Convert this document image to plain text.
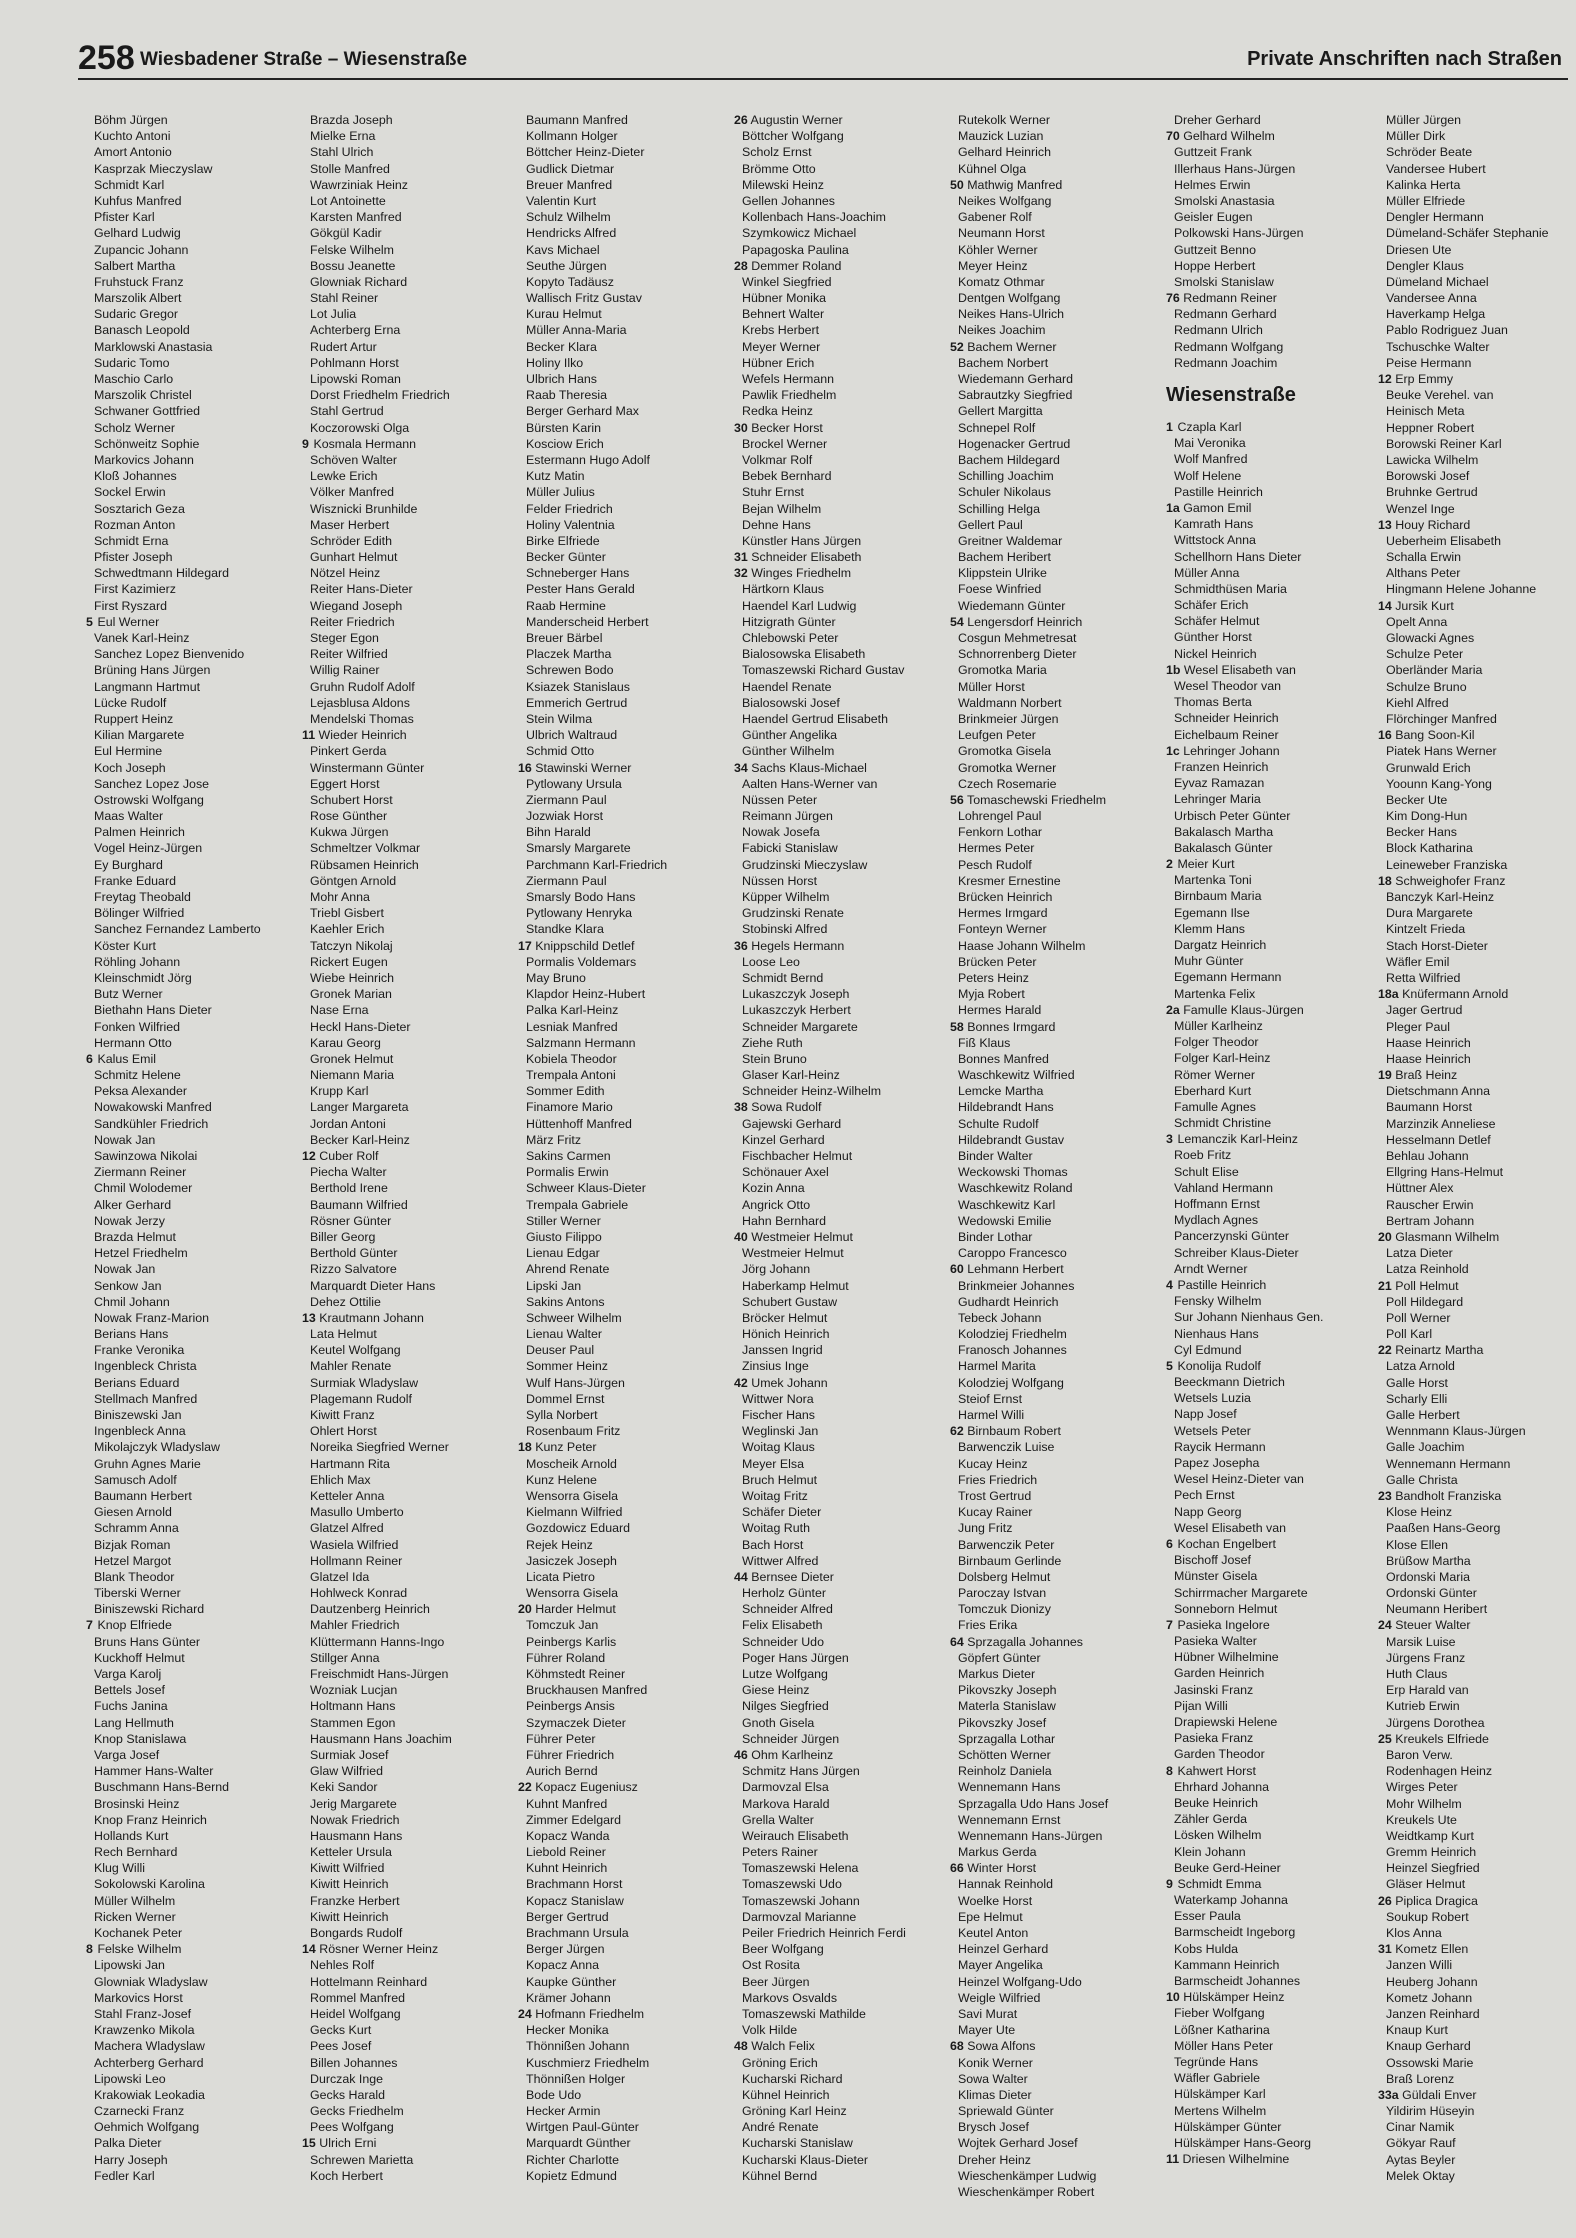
258 Wiesbadener Straße – Wiesenstraße	Private Anschriften nach Straßen
Böhm Jürgen
Kuchto Antoni
Amort Antonio
Kasprzak Mieczyslaw
Schmidt Karl
Kuhfus Manfred
Pfister Karl
Gelhard Ludwig
Zupancic Johann
Salbert Martha
Fruhstuck Franz
Marszolik Albert
Sudaric Gregor
Banasch Leopold
Marklowski Anastasia
Sudaric Tomo
Maschio Carlo
Marszolik Christel
Schwaner Gottfried
Scholz Werner
Schönweitz Sophie
Markovics Johann
Kloß Johannes
Sockel Erwin
Sosztarich Geza
Rozman Anton
Schmidt Erna
Pfister Joseph
Schwedtmann Hildegard
First Kazimierz
First Ryszard
5 Eul Werner
Vanek Karl-Heinz
Sanchez Lopez Bienvenido
Brüning Hans Jürgen
Langmann Hartmut
Lücke Rudolf
Ruppert Heinz
Kilian Margarete
Eul Hermine
Koch Joseph
Sanchez Lopez Jose
Ostrowski Wolfgang
Maas Walter
Palmen Heinrich
Vogel Heinz-Jürgen
Ey Burghard
Franke Eduard
Freytag Theobald
Bölinger Wilfried
Sanchez Fernandez Lamberto
Köster Kurt
Röhling Johann
Kleinschmidt Jörg
Butz Werner
Biethahn Hans Dieter
Fonken Wilfried
Hermann Otto
6 Kalus Emil
Schmitz Helene
Peksa Alexander
Nowakowski Manfred
Sandkühler Friedrich
Nowak Jan
Sawinzowa Nikolai
Ziermann Reiner
Chmil Wolodemer
Alker Gerhard
Nowak Jerzy
Brazda Helmut
Hetzel Friedhelm
Nowak Jan
Senkow Jan
Chmil Johann
Nowak Franz-Marion
Berians Hans
Franke Veronika
Ingenbleck Christa
Berians Eduard
Stellmach Manfred
Biniszewski Jan
Ingenbleck Anna
Mikolajczyk Wladyslaw
Gruhn Agnes Marie
Samusch Adolf
Baumann Herbert
Giesen Arnold
Schramm Anna
Bizjak Roman
Hetzel Margot
Blank Theodor
Tiberski Werner
Biniszewski Richard
7 Knop Elfriede
Bruns Hans Günter
Kuckhoff Helmut
Varga Karolj
Bettels Josef
Fuchs Janina
Lang Hellmuth
Knop Stanislawa
Varga Josef
Hammer Hans-Walter
Buschmann Hans-Bernd
Brosinski Heinz
Knop Franz Heinrich
Hollands Kurt
Rech Bernhard
Klug Willi
Sokolowski Karolina
Müller Wilhelm
Ricken Werner
Kochanek Peter
8 Felske Wilhelm
Lipowski Jan
Glowniak Wladyslaw
Markovics Horst
Stahl Franz-Josef
Krawzenko Mikola
Machera Wladyslaw
Achterberg Gerhard
Lipowski Leo
Krakowiak Leokadia
Czarnecki Franz
Oehmich Wolfgang
Palka Dieter
Harry Joseph
Fedler Karl
Brazda Joseph
Mielke Erna
Stahl Ulrich
Stolle Manfred
Wawrziniak Heinz
Lot Antoinette
Karsten Manfred
Gökgül Kadir
Felske Wilhelm
Bossu Jeanette
Glowniak Richard
Stahl Reiner
Lot Julia
Achterberg Erna
Rudert Artur
Pohlmann Horst
Lipowski Roman
Dorst Friedhelm Friedrich
Stahl Gertrud
Koczorowski Olga
9 Kosmala Hermann
Schöven Walter
Lewke Erich
Völker Manfred
Wisznicki Brunhilde
Maser Herbert
Schröder Edith
Gunhart Helmut
Nötzel Heinz
Reiter Hans-Dieter
Wiegand Joseph
Reiter Friedrich
Steger Egon
Reiter Wilfried
Willig Rainer
Gruhn Rudolf Adolf
Lejasblusa Aldons
Mendelski Thomas
11 Wieder Heinrich
Pinkert Gerda
Winstermann Günter
Eggert Horst
Schubert Horst
Rose Günther
Kukwa Jürgen
Schmeltzer Volkmar
Rübsamen Heinrich
Göntgen Arnold
Mohr Anna
Triebl Gisbert
Kaehler Erich
Tatczyn Nikolaj
Rickert Eugen
Wiebe Heinrich
Gronek Marian
Nase Erna
Heckl Hans-Dieter
Karau Georg
Gronek Helmut
Niemann Maria
Krupp Karl
Langer Margareta
Jordan Antoni
Becker Karl-Heinz
12 Cuber Rolf
Piecha Walter
Berthold Irene
Baumann Wilfried
Rösner Günter
Biller Georg
Berthold Günter
Rizzo Salvatore
Marquardt Dieter Hans
Dehez Ottilie
13 Krautmann Johann
Lata Helmut
Keutel Wolfgang
Mahler Renate
Surmiak Wladyslaw
Plagemann Rudolf
Kiwitt Franz
Ohlert Horst
Noreika Siegfried Werner
Hartmann Rita
Ehlich Max
Ketteler Anna
Masullo Umberto
Glatzel Alfred
Wasiela Wilfried
Hollmann Reiner
Glatzel Ida
Hohlweck Konrad
Dautzenberg Heinrich
Mahler Friedrich
Klüttermann Hanns-Ingo
Stillger Anna
Freischmidt Hans-Jürgen
Wozniak Lucjan
Holtmann Hans
Stammen Egon
Hausmann Hans Joachim
Surmiak Josef
Glaw Wilfried
Keki Sandor
Jerig Margarete
Nowak Friedrich
Hausmann Hans
Ketteler Ursula
Kiwitt Wilfried
Kiwitt Heinrich
Franzke Herbert
Kiwitt Heinrich
Bongards Rudolf
14 Rösner Werner Heinz
Nehles Rolf
Hottelmann Reinhard
Rommel Manfred
Heidel Wolfgang
Gecks Kurt
Pees Josef
Billen Johannes
Durczak Inge
Gecks Harald
Gecks Friedhelm
Pees Wolfgang
15 Ulrich Erni
Schrewen Marietta
Koch Herbert
Baumann Manfred
Kollmann Holger
Böttcher Heinz-Dieter
Gudlick Dietmar
Breuer Manfred
Valentin Kurt
Schulz Wilhelm
Hendricks Alfred
Kavs Michael
Seuthe Jürgen
Kopyto Tadäusz
Wallisch Fritz Gustav
Kurau Helmut
Müller Anna-Maria
Becker Klara
Holiny Ilko
Ulbrich Hans
Raab Theresia
Berger Gerhard Max
Bürsten Karin
Kosciow Erich
Estermann Hugo Adolf
Kutz Matin
Müller Julius
Felder Friedrich
Holiny Valentnia
Birke Elfriede
Becker Günter
Schneberger Hans
Pester Hans Gerald
Raab Hermine
Manderscheid Herbert
Breuer Bärbel
Placzek Martha
Schrewen Bodo
Ksiazek Stanislaus
Emmerich Gertrud
Stein Wilma
Ulbrich Waltraud
Schmid Otto
16 Stawinski Werner
Pytlowany Ursula
Ziermann Paul
Jozwiak Horst
Bihn Harald
Smarsly Margarete
Parchmann Karl-Friedrich
Ziermann Paul
Smarsly Bodo Hans
Pytlowany Henryka
Standke Klara
17 Knippschild Detlef
Pormalis Voldemars
May Bruno
Klapdor Heinz-Hubert
Palka Karl-Heinz
Lesniak Manfred
Salzmann Hermann
Kobiela Theodor
Trempala Antoni
Sommer Edith
Finamore Mario
Hüttenhoff Manfred
März Fritz
Sakins Carmen
Pormalis Erwin
Schweer Klaus-Dieter
Trempala Gabriele
Stiller Werner
Giusto Filippo
Lienau Edgar
Ahrend Renate
Lipski Jan
Sakins Antons
Schweer Wilhelm
Lienau Walter
Deuser Paul
Sommer Heinz
Wulf Hans-Jürgen
Dommel Ernst
Sylla Norbert
Rosenbaum Fritz
18 Kunz Peter
Moscheik Arnold
Kunz Helene
Wensorra Gisela
Kielmann Wilfried
Gozdowicz Eduard
Rejek Heinz
Jasiczek Joseph
Licata Pietro
Wensorra Gisela
20 Harder Helmut
Tomczuk Jan
Peinbergs Karlis
Führer Roland
Köhmstedt Reiner
Bruckhausen Manfred
Peinbergs Ansis
Szymaczek Dieter
Führer Peter
Führer Friedrich
Aurich Bernd
22 Kopacz Eugeniusz
Kuhnt Manfred
Zimmer Edelgard
Kopacz Wanda
Liebold Reiner
Kuhnt Heinrich
Brachmann Horst
Kopacz Stanislaw
Berger Gertrud
Brachmann Ursula
Berger Jürgen
Kopacz Anna
Kaupke Günther
Krämer Johann
24 Hofmann Friedhelm
Hecker Monika
Thönnißen Johann
Kuschmierz Friedhelm
Thönnißen Holger
Bode Udo
Hecker Armin
Wirtgen Paul-Günter
Marquardt Günther
Richter Charlotte
Kopietz Edmund
26 Augustin Werner
Böttcher Wolfgang
Scholz Ernst
Brömme Otto
Milewski Heinz
Gellen Johannes
Kollenbach Hans-Joachim
Szymkowicz Michael
Papagoska Paulina
28 Demmer Roland
Winkel Siegfried
Hübner Monika
Behnert Walter
Krebs Herbert
Meyer Werner
Hübner Erich
Wefels Hermann
Pawlik Friedhelm
Redka Heinz
30 Becker Horst
Brockel Werner
Volkmar Rolf
Bebek Bernhard
Stuhr Ernst
Bejan Wilhelm
Dehne Hans
Künstler Hans Jürgen
31 Schneider Elisabeth
32 Winges Friedhelm
Härtkorn Klaus
Haendel Karl Ludwig
Hitzigrath Günter
Chlebowski Peter
Bialosowska Elisabeth
Tomaszewski Richard Gustav
Haendel Renate
Bialosowski Josef
Haendel Gertrud Elisabeth
Günther Angelika
Günther Wilhelm
34 Sachs Klaus-Michael
Aalten Hans-Werner van
Nüssen Peter
Reimann Jürgen
Nowak Josefa
Fabicki Stanislaw
Grudzinski Mieczyslaw
Nüssen Horst
Küpper Wilhelm
Grudzinski Renate
Stobinski Alfred
36 Hegels Hermann
Loose Leo
Schmidt Bernd
Lukaszczyk Joseph
Lukaszczyk Herbert
Schneider Margarete
Ziehe Ruth
Stein Bruno
Glaser Karl-Heinz
Schneider Heinz-Wilhelm
38 Sowa Rudolf
Gajewski Gerhard
Kinzel Gerhard
Fischbacher Helmut
Schönauer Axel
Kozin Anna
Angrick Otto
Hahn Bernhard
40 Westmeier Helmut
Westmeier Helmut
Jörg Johann
Haberkamp Helmut
Schubert Gustaw
Bröcker Helmut
Hönich Heinrich
Janssen Ingrid
Zinsius Inge
42 Umek Johann
Wittwer Nora
Fischer Hans
Weglinski Jan
Woitag Klaus
Meyer Elsa
Bruch Helmut
Woitag Fritz
Schäfer Dieter
Woitag Ruth
Bach Horst
Wittwer Alfred
44 Bernsee Dieter
Herholz Günter
Schneider Alfred
Felix Elisabeth
Schneider Udo
Poger Hans Jürgen
Lutze Wolfgang
Giese Heinz
Nilges Siegfried
Gnoth Gisela
Schneider Jürgen
46 Ohm Karlheinz
Schmitz Hans Jürgen
Darmovzal Elsa
Markova Harald
Grella Walter
Weirauch Elisabeth
Peters Rainer
Tomaszewski Helena
Tomaszewski Udo
Tomaszewski Johann
Darmovzal Marianne
Peiler Friedrich Heinrich Ferdi
Beer Wolfgang
Ost Rosita
Beer Jürgen
Markovs Osvalds
Tomaszewski Mathilde
Volk Hilde
48 Walch Felix
Gröning Erich
Kucharski Richard
Kühnel Heinrich
Gröning Karl Heinz
André Renate
Kucharski Stanislaw
Kucharski Klaus-Dieter
Kühnel Bernd
Rutekolk Werner
Mauzick Luzian
Gelhard Heinrich
Kühnel Olga
50 Mathwig Manfred
Neikes Wolfgang
Gabener Rolf
Neumann Horst
Köhler Werner
Meyer Heinz
Komatz Othmar
Dentgen Wolfgang
Neikes Hans-Ulrich
Neikes Joachim
52 Bachem Werner
Bachem Norbert
Wiedemann Gerhard
Sabrautzky Siegfried
Gellert Margitta
Schnepel Rolf
Hogenacker Gertrud
Bachem Hildegard
Schilling Joachim
Schuler Nikolaus
Schilling Helga
Gellert Paul
Greitner Waldemar
Bachem Heribert
Klippstein Ulrike
Foese Winfried
Wiedemann Günter
54 Lengersdorf Heinrich
Cosgun Mehmetresat
Schnorrenberg Dieter
Gromotka Maria
Müller Horst
Waldmann Norbert
Brinkmeier Jürgen
Leufgen Peter
Gromotka Gisela
Gromotka Werner
Czech Rosemarie
56 Tomaschewski Friedhelm
Lohrengel Paul
Fenkorn Lothar
Hermes Peter
Pesch Rudolf
Kresmer Ernestine
Brücken Heinrich
Hermes Irmgard
Fonteyn Werner
Haase Johann Wilhelm
Brücken Peter
Peters Heinz
Myja Robert
Hermes Harald
58 Bonnes Irmgard
Fiß Klaus
Bonnes Manfred
Waschkewitz Wilfried
Lemcke Martha
Hildebrandt Hans
Schulte Rudolf
Hildebrandt Gustav
Binder Walter
Weckowski Thomas
Waschkewitz Roland
Waschkewitz Karl
Wedowski Emilie
Binder Lothar
Caroppo Francesco
60 Lehmann Herbert
Brinkmeier Johannes
Gudhardt Heinrich
Tebeck Johann
Kolodziej Friedhelm
Franosch Johannes
Harmel Marita
Kolodziej Wolfgang
Steiof Ernst
Harmel Willi
62 Birnbaum Robert
Barwenczik Luise
Kucay Heinz
Fries Friedrich
Trost Gertrud
Kucay Rainer
Jung Fritz
Barwenczik Peter
Birnbaum Gerlinde
Dolsberg Helmut
Paroczay Istvan
Tomczuk Dionizy
Fries Erika
64 Sprzagalla Johannes
Göpfert Günter
Markus Dieter
Pikovszky Joseph
Materla Stanislaw
Pikovszky Josef
Sprzagalla Lothar
Schötten Werner
Reinholz Daniela
Wennemann Hans
Sprzagalla Udo Hans Josef
Wennemann Ernst
Wennemann Hans-Jürgen
Markus Gerda
66 Winter Horst
Hannak Reinhold
Woelke Horst
Epe Helmut
Keutel Anton
Heinzel Gerhard
Mayer Angelika
Heinzel Wolfgang-Udo
Weigle Wilfried
Savi Murat
Mayer Ute
68 Sowa Alfons
Konik Werner
Sowa Walter
Klimas Dieter
Spriewald Günter
Brysch Josef
Wojtek Gerhard Josef
Dreher Heinz
Wieschenkämper Ludwig
Wieschenkämper Robert
Dreher Gerhard
70 Gelhard Wilhelm
Guttzeit Frank
Illerhaus Hans-Jürgen
Helmes Erwin
Smolski Anastasia
Geisler Eugen
Polkowski Hans-Jürgen
Guttzeit Benno
Hoppe Herbert
Smolski Stanislaw
76 Redmann Reiner
Redmann Gerhard
Redmann Ulrich
Redmann Wolfgang
Redmann Joachim
Wiesenstraße
1 Czapla Karl
Mai Veronika
Wolf Manfred
Wolf Helene
Pastille Heinrich
1a Gamon Emil
Kamrath Hans
Wittstock Anna
Schellhorn Hans Dieter
Müller Anna
Schmidthüsen Maria
Schäfer Erich
Schäfer Helmut
Günther Horst
Nickel Heinrich
1b Wesel Elisabeth van
Wesel Theodor van
Thomas Berta
Schneider Heinrich
Eichelbaum Reiner
1c Lehringer Johann
Franzen Heinrich
Eyvaz Ramazan
Lehringer Maria
Urbisch Peter Günter
Bakalasch Martha
Bakalasch Günter
2 Meier Kurt
Martenka Toni
Birnbaum Maria
Egemann Ilse
Klemm Hans
Dargatz Heinrich
Muhr Günter
Egemann Hermann
Martenka Felix
2a Famulle Klaus-Jürgen
Müller Karlheinz
Folger Theodor
Folger Karl-Heinz
Römer Werner
Eberhard Kurt
Famulle Agnes
Schmidt Christine
3 Lemanczik Karl-Heinz
Roeb Fritz
Schult Elise
Vahland Hermann
Hoffmann Ernst
Mydlach Agnes
Pancerzynski Günter
Schreiber Klaus-Dieter
Arndt Werner
4 Pastille Heinrich
Fensky Wilhelm
Sur Johann Nienhaus Gen.
Nienhaus Hans
Cyl Edmund
5 Konolija Rudolf
Beeckmann Dietrich
Wetsels Luzia
Napp Josef
Wetsels Peter
Raycik Hermann
Papez Josepha
Wesel Heinz-Dieter van
Pech Ernst
Napp Georg
Wesel Elisabeth van
6 Kochan Engelbert
Bischoff Josef
Münster Gisela
Schirrmacher Margarete
Sonneborn Helmut
7 Pasieka Ingelore
Pasieka Walter
Hübner Wilhelmine
Garden Heinrich
Jasinski Franz
Pijan Willi
Drapiewski Helene
Pasieka Franz
Garden Theodor
8 Kahwert Horst
Ehrhard Johanna
Beuke Heinrich
Zähler Gerda
Lösken Wilhelm
Klein Johann
Beuke Gerd-Heiner
9 Schmidt Emma
Waterkamp Johanna
Esser Paula
Barmscheidt Ingeborg
Kobs Hulda
Kammann Heinrich
Barmscheidt Johannes
10 Hülskämper Heinz
Fieber Wolfgang
Lößner Katharina
Möller Hans Peter
Tegründe Hans
Wäfler Gabriele
Hülskämper Karl
Mertens Wilhelm
Hülskämper Günter
Hülskämper Hans-Georg
11 Driesen Wilhelmine
Müller Jürgen
Müller Dirk
Schröder Beate
Vandersee Hubert
Kalinka Herta
Müller Elfriede
Dengler Hermann
Dümeland-Schäfer Stephanie
Driesen Ute
Dengler Klaus
Dümeland Michael
Vandersee Anna
Haverkamp Helga
Pablo Rodriguez Juan
Tschuschke Walter
Peise Hermann
12 Erp Emmy
Beuke Verehel. van
Heinisch Meta
Heppner Robert
Borowski Reiner Karl
Lawicka Wilhelm
Borowski Josef
Bruhnke Gertrud
Wenzel Inge
13 Houy Richard
Ueberheim Elisabeth
Schalla Erwin
Althans Peter
Hingmann Helene Johanne
14 Jursik Kurt
Opelt Anna
Glowacki Agnes
Schulze Peter
Oberländer Maria
Schulze Bruno
Kiehl Alfred
Flörchinger Manfred
16 Bang Soon-Kil
Piatek Hans Werner
Grunwald Erich
Yoounn Kang-Yong
Becker Ute
Kim Dong-Hun
Becker Hans
Block Katharina
Leineweber Franziska
18 Schweighofer Franz
Banczyk Karl-Heinz
Dura Margarete
Kintzelt Frieda
Stach Horst-Dieter
Wäfler Emil
Retta Wilfried
18a Knüfermann Arnold
Jager Gertrud
Pleger Paul
Haase Heinrich
Haase Heinrich
19 Braß Heinz
Dietschmann Anna
Baumann Horst
Marzinzik Anneliese
Hesselmann Detlef
Behlau Johann
Ellgring Hans-Helmut
Hüttner Alex
Rauscher Erwin
Bertram Johann
20 Glasmann Wilhelm
Latza Dieter
Latza Reinhold
21 Poll Helmut
Poll Hildegard
Poll Werner
Poll Karl
22 Reinartz Martha
Latza Arnold
Galle Horst
Scharly Elli
Galle Herbert
Wennmann Klaus-Jürgen
Galle Joachim
Wennemann Hermann
Galle Christa
23 Bandholt Franziska
Klose Heinz
Paaßen Hans-Georg
Klose Ellen
Brüßow Martha
Ordonski Maria
Ordonski Günter
Neumann Heribert
24 Steuer Walter
Marsik Luise
Jürgens Franz
Huth Claus
Erp Harald van
Kutrieb Erwin
Jürgens Dorothea
25 Kreukels Elfriede
Baron Verw.
Rodenhagen Heinz
Wirges Peter
Mohr Wilhelm
Kreukels Ute
Weidtkamp Kurt
Gremm Heinrich
Heinzel Siegfried
Gläser Helmut
26 Piplica Dragica
Soukup Robert
Klos Anna
31 Kometz Ellen
Janzen Willi
Heuberg Johann
Kometz Johann
Janzen Reinhard
Knaup Kurt
Knaup Gerhard
Ossowski Marie
Braß Lorenz
33a Güldali Enver
Yildirim Hüseyin
Cinar Namik
Gökyar Rauf
Aytas Beyler
Melek Oktay
